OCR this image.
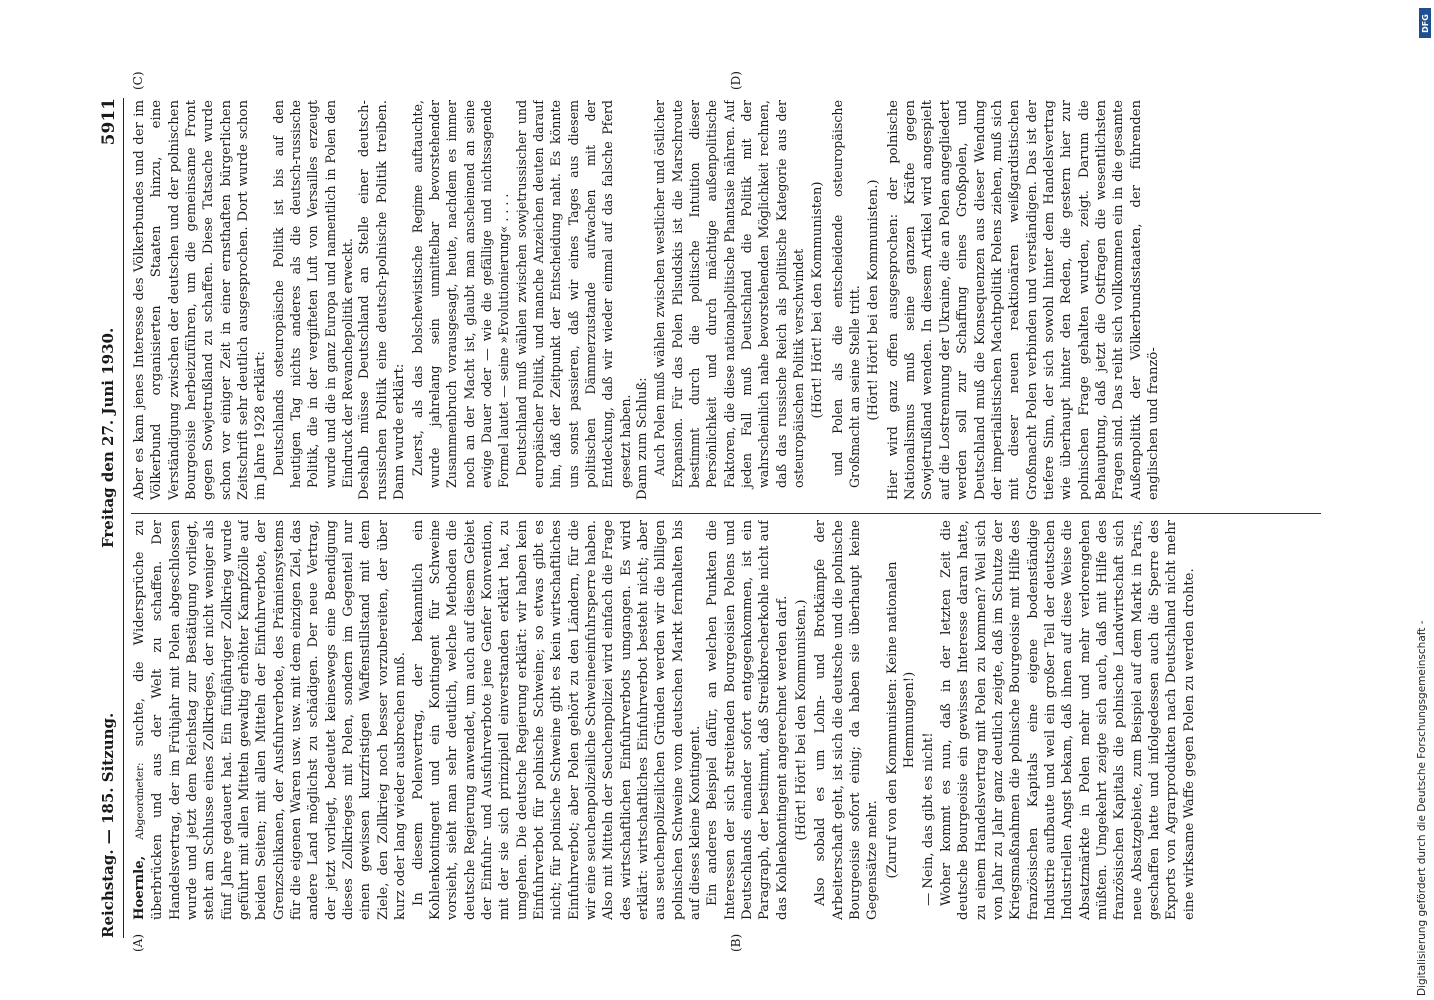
Reichstag. — 185. Sitzung.
Freitag den 27. Juni 1930.
5911
(A)	(B)
(C)	(D)

Hoernle, Abgeordneter: suchte, die Widersprüche zu überbrücken und aus der Welt zu schaffen. Der Handelsvertrag, der im Frühjahr mit Polen abgeschlossen wurde und jetzt dem Reichstag zur Bestätigung vorliegt, steht am Schlusse eines Zollkrieges, der nicht weniger als fünf Jahre gedauert hat. Ein fünfjähriger Zollkrieg wurde geführt mit allen Mitteln gewaltig erhöhter Kampfzölle auf beiden Seiten; mit allen Mitteln der Einfuhrverbote, der Grenzschikanen, der Ausfuhrverbote, des Prämiensystems für die eigenen Waren usw. usw. mit dem einzigen Ziel, das andere Land möglichst zu schädigen. Der neue Vertrag, der jetzt vorliegt, bedeutet keineswegs eine Beendigung dieses Zollkrieges mit Polen, sondern im Gegenteil nur einen gewissen kurzfristigen Waffenstillstand mit dem Ziele, den Zollkrieg noch besser vorzubereiten, der über kurz oder lang wieder ausbrechen muß. In diesem Polenvertrag, der bekanntlich ein Kohlenkontingent und ein Kontingent für Schweine vorsieht, sieht man sehr deutlich, welche Methoden die deutsche Regierung anwendet, um auch auf diesem Gebiet der Einfuhr- und Ausfuhrverbote jene Genfer Konvention, mit der sie sich prinzipiell einverstanden erklärt hat, zu umgehen. Die deutsche Regierung erklärt: wir haben kein Einfuhrverbot für polnische Schweine; so etwas gibt es nicht; für polnische Schweine gibt es kein wirtschaftliches Einfuhrverbot; aber Polen gehört zu den Ländern, für die wir eine seuchenpolizeiliche Schweineeinfuhrsperre haben. Also mit Mitteln der Seuchenpolizei wird einfach die Frage des wirtschaftlichen Einfuhrverbots umgangen. Es wird erklärt: wirtschaftliches Einfuhrverbot besteht nicht; aber aus seuchenpolizeilichen Gründen werden wir die billigen polnischen Schweine vom deutschen Markt fernhalten bis auf dieses kleine Kontingent. Ein anderes Beispiel dafür, an welchen Punkten die Interessen der sich streitenden Bourgeoisien Polens und Deutschlands einander sofort entgegenkommen, ist ein Paragraph, der bestimmt, daß Streikbrecherkohle nicht auf das Kohlenkontingent angerechnet werden darf. (Hört! Hört! bei den Kommunisten.) Also sobald es um Lohn- und Brotkämpfe der Arbeiterschaft geht, ist sich die deutsche und die polnische Bourgeoisie sofort einig; da haben sie überhaupt keine Gegensätze mehr. (Zuruf von den Kommunisten: Keine nationalen Hemmungen!)

— Nein, das gibt es nicht! Woher kommt es nun, daß in der letzten Zeit die deutsche Bourgeoisie ein gewisses Interesse daran hatte, zu einem Handelsvertrag mit Polen zu kommen? Weil sich von Jahr zu Jahr ganz deutlich zeigte, daß im Schutze der Kriegsmaßnahmen die polnische Bourgeoisie mit Hilfe des französischen Kapitals eine eigene bodenständige Industrie aufbaute und weil ein großer Teil der deutschen Industriellen Angst bekam, daß ihnen auf diese Weise die Absatzmärkte in Polen mehr und mehr verlorengehen müßten. Umgekehrt zeigte sich auch, daß mit Hilfe des französischen Kapitals die polnische Landwirtschaft sich neue Absatzgebiete, zum Beispiel auf dem Markt in Paris, geschaffen hatte und infolgedessen auch die Sperre des Exports von Agrarprodukten nach Deutschland nicht mehr eine wirksame Waffe gegen Polen zu werden drohte.

Aber es kam jenes Interesse des Völkerbundes und der im Völkerbund organisierten Staaten hinzu, eine Verständigung zwischen der deutschen und der polnischen Bourgeoisie herbeizuführen, um die gemeinsame Front gegen Sowjetrußland zu schaffen. Diese Tatsache wurde schon vor einiger Zeit in einer ernsthaften bürgerlichen Zeitschrift sehr deutlich ausgesprochen. Dort wurde schon im Jahre 1928 erklärt: Deutschlands osteuropäische Politik ist bis auf den heutigen Tag nichts anderes als die deutsch-russische Politik, die in der vergifteten Luft von Versailles erzeugt wurde und die in ganz Europa und namentlich in Polen den Eindruck der Revanchepolitik erweckt. Deshalb müsse Deutschland an Stelle einer deutsch-russischen Politik eine deutsch-polnische Politik treiben. Dann wurde erklärt: Zuerst, als das bolschewistische Regime auftauchte, wurde jahrelang sein unmittelbar bevorstehender Zusammenbruch vorausgesagt, heute, nachdem es immer noch an der Macht ist, glaubt man anscheinend an seine ewige Dauer oder — wie die gefällige und nichtssagende Formel lautet — seine »Evolutionierung« . . . . Deutschland muß wählen zwischen sowjetrussischer und europäischer Politik, und manche Anzeichen deuten darauf hin, daß der Zeitpunkt der Entscheidung naht. Es könnte uns sonst passieren, daß wir eines Tages aus diesem politischen Dämmerzustande aufwachen mit der Entdeckung, daß wir wieder einmal auf das falsche Pferd gesetzt haben. Dann zum Schluß: Auch Polen muß wählen zwischen westlicher und östlicher Expansion. Für das Polen Pilsudskis ist die Marschroute bestimmt durch die politische Intuition dieser Persönlichkeit und durch mächtige außenpolitische Faktoren, die diese nationalpolitische Phantasie nähren. Auf jeden Fall muß Deutschland die Politik mit der wahrscheinlich nahe bevorstehenden Möglichkeit rechnen, daß das russische Reich als politische Kategorie aus der osteuropäischen Politik verschwindet (Hört! Hört! bei den Kommunisten) und Polen als die entscheidende osteuropäische Großmacht an seine Stelle tritt. (Hört! Hört! bei den Kommunisten.) Hier wird ganz offen ausgesprochen: der polnische Nationalismus muß seine ganzen Kräfte gegen Sowjetrußland wenden. In diesem Artikel wird angespielt auf die Lostrennung der Ukraine, die an Polen angegliedert werden soll zur Schaffung eines Großpolen, und Deutschland muß die Konsequenzen aus dieser Wendung der imperialistischen Machtpolitik Polens ziehen, muß sich mit dieser neuen reaktionären weißgardistischen Großmacht Polen verbinden und verständigen. Das ist der tiefere Sinn, der sich sowohl hinter dem Handelsvertrag wie überhaupt hinter den Reden, die gestern hier zur polnischen Frage gehalten wurden, zeigt. Darum die Behauptung, daß jetzt die Ostfragen die wesentlichsten Fragen sind. Das reiht sich vollkommen ein in die gesamte Außenpolitik der Völkerbundsstaaten, der führenden englischen und franzö-

DFG
Digitalisierung gefördert durch die Deutsche Forschungsgemeinschaft -
